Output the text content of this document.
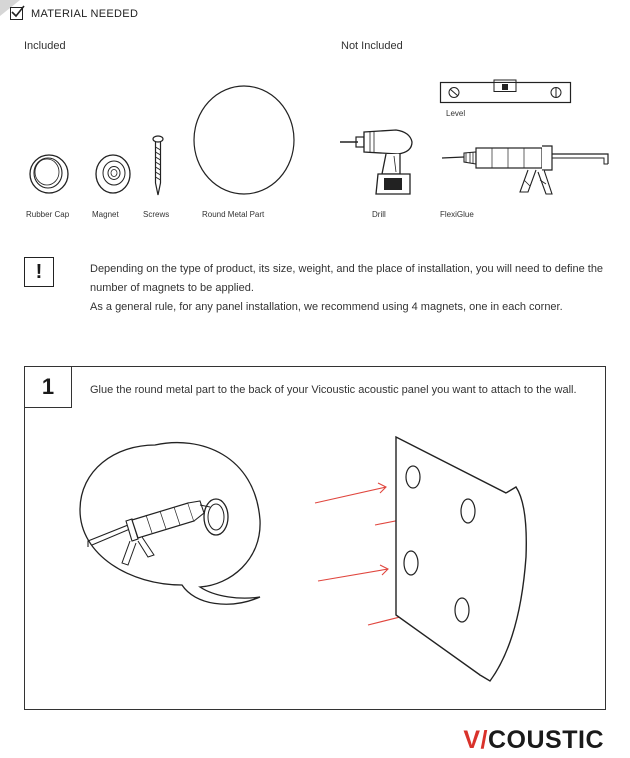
MATERIAL NEEDED
Included	Not Included
Rubber Cap	Magnet	Screws	Round Metal Part	Drill
Level
FlexiGlue
!	Depending on the type of product, its size, weight, and the place of installation, you will need to define the number of magnets to be applied.

As a general rule, for any panel installation, we recommend using 4 magnets, one in each corner.

1	Glue the round metal part to the back of your Vicoustic acoustic panel you want to attach to the wall.
V/COUSTIC
